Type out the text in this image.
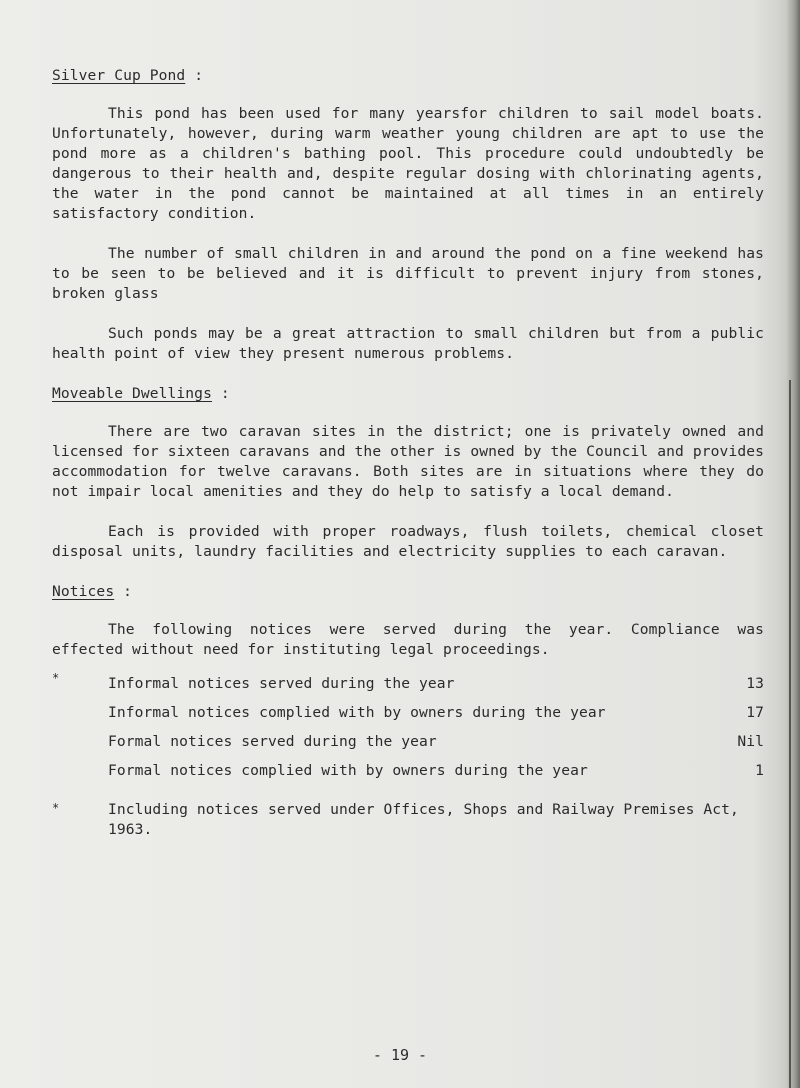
Silver Cup Pond :

This pond has been used for many yearsfor children to sail model boats. Unfortunately, however, during warm weather young children are apt to use the pond more as a children's bathing pool. This procedure could undoubtedly be dangerous to their health and, despite regular dosing with chlorinating agents, the water in the pond cannot be maintained at all times in an entirely satisfactory condition.

The number of small children in and around the pond on a fine weekend has to be seen to be believed and it is difficult to prevent injury from stones, broken glass

Such ponds may be a great attraction to small children but from a public health point of view they present numerous problems.

Moveable Dwellings :

There are two caravan sites in the district; one is privately owned and licensed for sixteen caravans and the other is owned by the Council and provides accommodation for twelve caravans. Both sites are in situations where they do not impair local amenities and they do help to satisfy a local demand.

Each is provided with proper roadways, flush toilets, chemical closet disposal units, laundry facilities and electricity supplies to each caravan.

Notices :

The following notices were served during the year. Compliance was effected without need for instituting legal proceedings.

*	Informal notices served during the year	13
Informal notices complied with by owners during the year	17
Formal notices served during the year	Nil
Formal notices complied with by owners during the year	1
*	Including notices served under Offices, Shops and Railway Premises Act, 1963.
- 19 -
